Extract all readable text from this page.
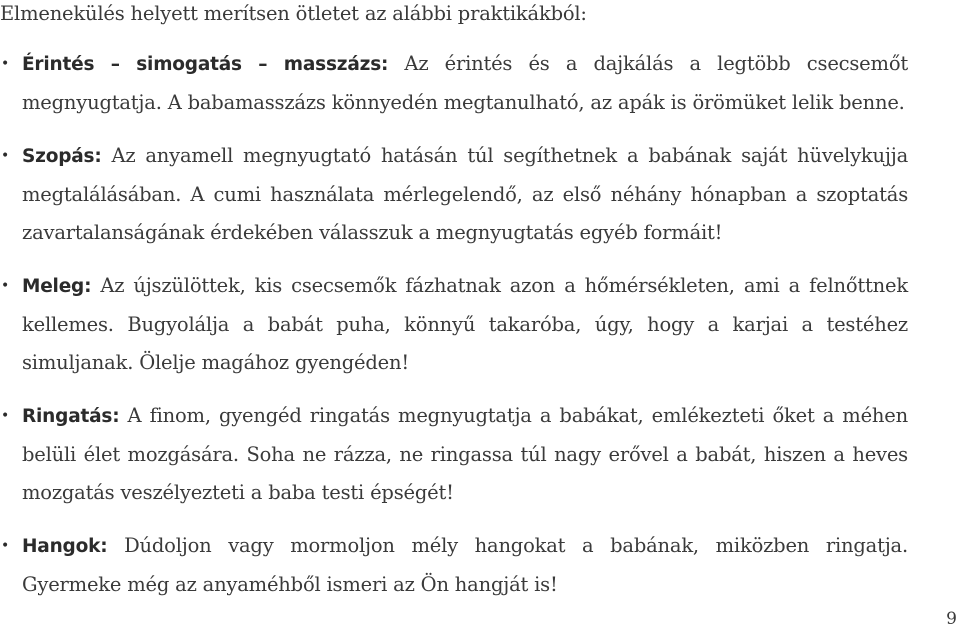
Elmenekülés helyett merítsen ötletet az alábbi praktikákból:

• Érintés – simogatás – masszázs: Az érintés és a dajkálás a legtöbb csecsemőt megnyugtatja. A babamasszázs könnyedén megtanulható, az apák is örömüket lelik benne.
• Szopás: Az anyamell megnyugtató hatásán túl segíthetnek a babának saját hüvelykujja megtalálásában. A cumi használata mérlegelendő, az első néhány hónapban a szoptatás zavartalanságának érdekében válasszuk a megnyugtatás egyéb formáit!
• Meleg: Az újszülöttek, kis csecsemők fázhatnak azon a hőmérsékleten, ami a felnőttnek kellemes. Bugyolálja a babát puha, könnyű takaróba, úgy, hogy a karjai a testéhez simuljanak. Ölelje magához gyengéden!
• Ringatás: A finom, gyengéd ringatás megnyugtatja a babákat, emlékezteti őket a méhen belüli élet mozgására. Soha ne rázza, ne ringassa túl nagy erővel a babát, hiszen a heves mozgatás veszélyezteti a baba testi épségét!
• Hangok: Dúdoljon vagy mormoljon mély hangokat a babának, miközben ringatja. Gyermeke még az anyaméhből ismeri az Ön hangját is!
9
